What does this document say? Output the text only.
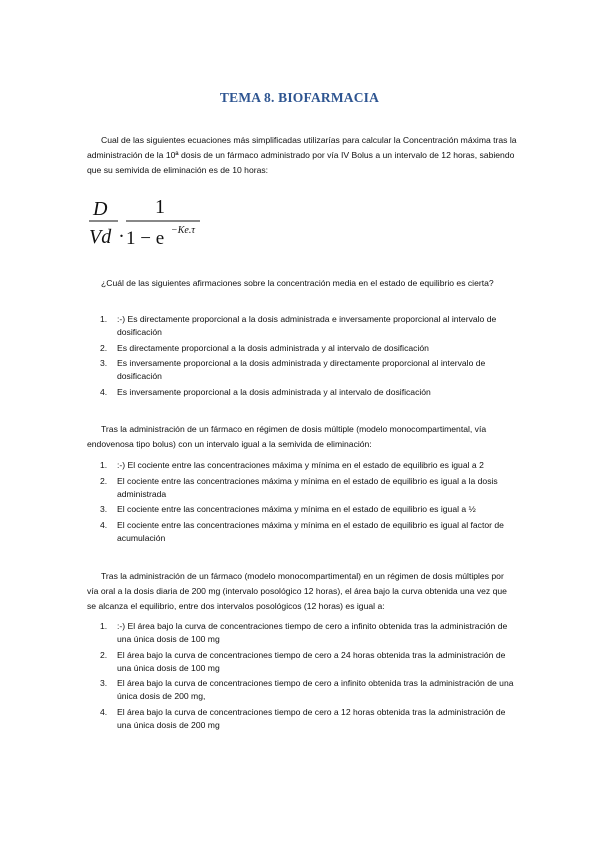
TEMA 8. BIOFARMACIA
Cual de las siguientes ecuaciones más simplificadas utilizarías para calcular la Concentración máxima tras la administración de la 10ª dosis de un fármaco administrado por vía IV Bolus a un intervalo de 12 horas, sabiendo que su semivida de eliminación es de 10 horas:
D
Vd .
1
1 − e −Ke.τ
¿Cuál de las siguientes afirmaciones sobre la concentración media en el estado de equilibrio es cierta?
1. :-) Es directamente proporcional a la dosis administrada e inversamente proporcional al intervalo de dosificación
2. Es directamente proporcional a la dosis administrada y al intervalo de dosificación
3. Es inversamente proporcional a la dosis administrada y directamente proporcional al intervalo de dosificación
4. Es inversamente proporcional a la dosis administrada y al intervalo de dosificación
Tras la administración de un fármaco en régimen de dosis múltiple (modelo monocompartimental, vía endovenosa tipo bolus) con un intervalo igual a la semivida de eliminación:
1. :-) El cociente entre las concentraciones máxima y mínima en el estado de equilibrio es igual a 2
2. El cociente entre las concentraciones máxima y mínima en el estado de equilibrio es igual a la dosis administrada
3. El cociente entre las concentraciones máxima y mínima en el estado de equilibrio es igual a ½
4. El cociente entre las concentraciones máxima y mínima en el estado de equilibrio es igual al factor de acumulación
Tras la administración de un fármaco (modelo monocompartimental) en un régimen de dosis múltiples por vía oral a la dosis diaria de 200 mg (intervalo posológico 12 horas), el área bajo la curva obtenida una vez que se alcanza el equilibrio, entre dos intervalos posológicos (12 horas) es igual a:
1. :-) El área bajo la curva de concentraciones tiempo de cero a infinito obtenida tras la administración de una única dosis de 100 mg
2. El área bajo la curva de concentraciones tiempo de cero a 24 horas obtenida tras la administración de una única dosis de 100 mg
3. El área bajo la curva de concentraciones tiempo de cero a infinito obtenida tras la administración de una única dosis de 200 mg,
4. El área bajo la curva de concentraciones tiempo de cero a 12 horas obtenida tras la administración de una única dosis de 200 mg
